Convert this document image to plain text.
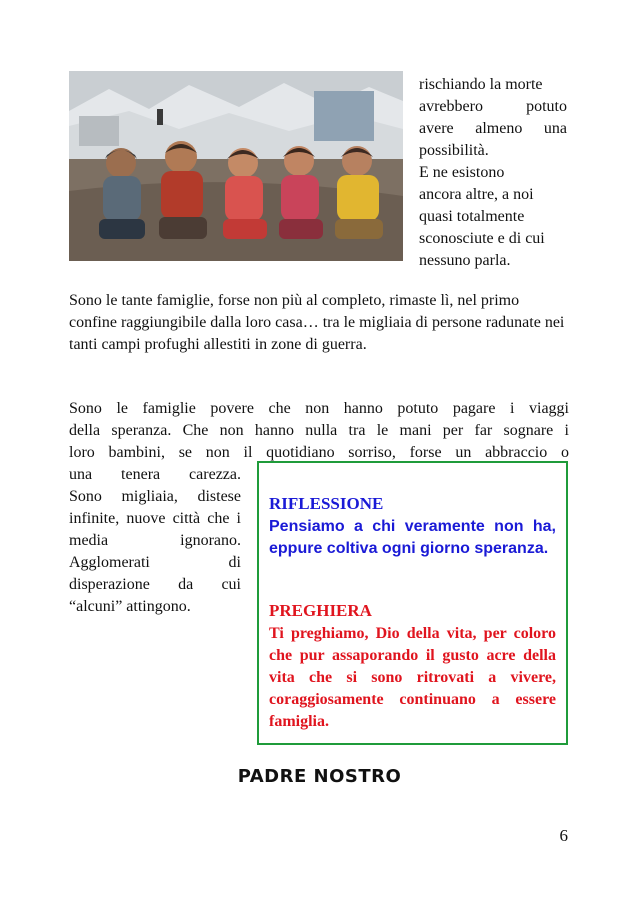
rischiando la morte
avrebbero potuto
avere almeno una
possibilità.
E ne esistono
ancora altre, a noi
quasi totalmente
sconosciute e di cui
nessuno parla.
Sono le tante famiglie, forse non più al completo, rimaste lì, nel primo confine raggiungibile dalla loro casa… tra le migliaia di persone radunate nei tanti campi profughi allestiti in zone di guerra.
Sono le famiglie povere che non hanno potuto pagare i viaggi
della speranza. Che non hanno nulla tra le mani per far sognare i
loro bambini, se non il quotidiano sorriso, forse un abbraccio o
una tenera carezza.
Sono migliaia, distese infinite, nuove città che i media ignorano. Agglomerati di disperazione da cui “alcuni” attingono.
RIFLESSIONE
Pensiamo a chi veramente non ha, eppure coltiva ogni giorno speranza.
PREGHIERA
Ti preghiamo, Dio della vita, per coloro che pur assaporando il gusto acre della vita che si sono ritrovati a vivere, coraggiosamente continuano a essere famiglia.
PADRE NOSTRO
6
